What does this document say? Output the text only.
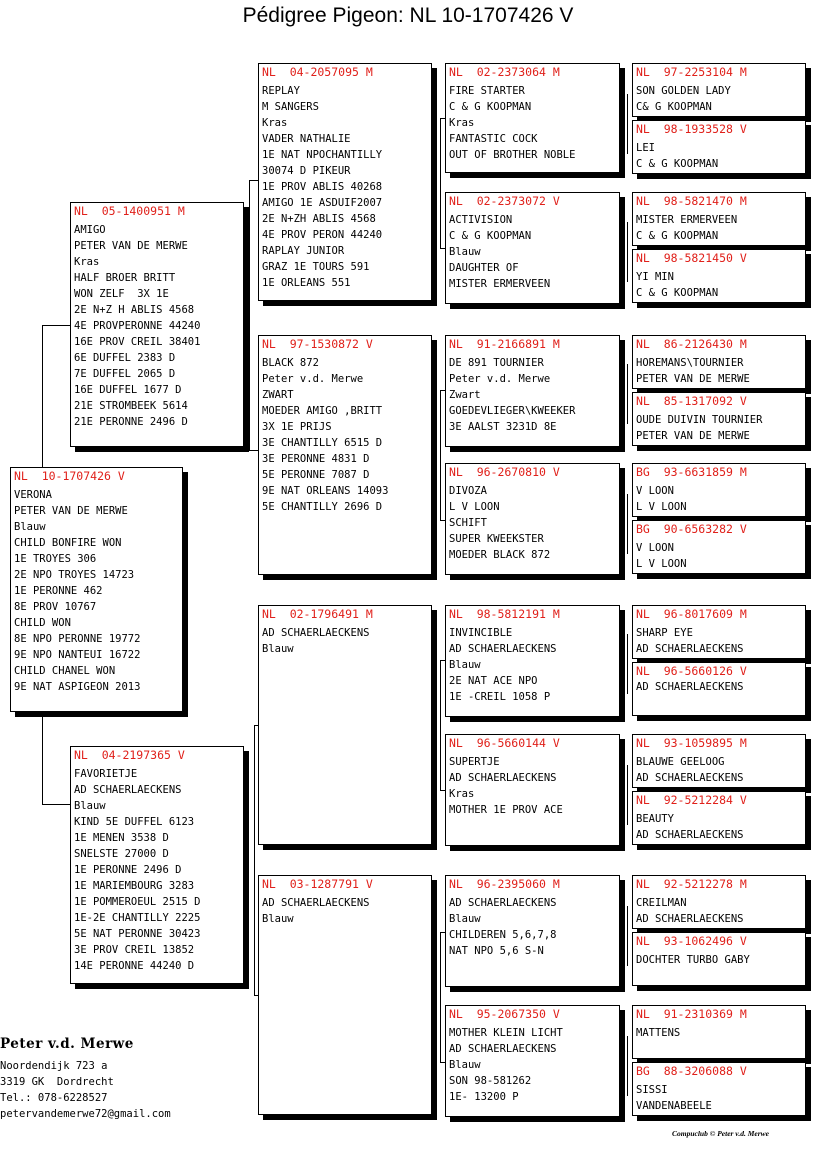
Pédigree Pigeon: NL 10-1707426 V
NL  10-1707426 V
VERONA
PETER VAN DE MERWE
Blauw
CHILD BONFIRE WON
1E TROYES 306
2E NPO TROYES 14723
1E PERONNE 462
8E PROV 10767
CHILD WON
8E NPO PERONNE 19772
9E NPO NANTEUI 16722
CHILD CHANEL WON
9E NAT ASPIGEON 2013
NL  05-1400951 M
AMIGO
PETER VAN DE MERWE
Kras
HALF BROER BRITT
WON ZELF  3X 1E
2E N+Z H ABLIS 4568
4E PROVPERONNE 44240
16E PROV CREIL 38401
6E DUFFEL 2383 D
7E DUFFEL 2065 D
16E DUFFEL 1677 D
21E STROMBEEK 5614
21E PERONNE 2496 D
NL  04-2197365 V
FAVORIETJE
AD SCHAERLAECKENS
Blauw
KIND 5E DUFFEL 6123
1E MENEN 3538 D
SNELSTE 27000 D
1E PERONNE 2496 D
1E MARIEMBOURG 3283
1E POMMEROEUL 2515 D
1E-2E CHANTILLY 2225
5E NAT PERONNE 30423
3E PROV CREIL 13852
14E PERONNE 44240 D
NL  04-2057095 M
REPLAY
M SANGERS
Kras
VADER NATHALIE
1E NAT NPOCHANTILLY
30074 D PIKEUR
1E PROV ABLIS 40268
AMIGO 1E ASDUIF2007
2E N+ZH ABLIS 4568
4E PROV PERON 44240
RAPLAY JUNIOR
GRAZ 1E TOURS 591
1E ORLEANS 551
NL  97-1530872 V
BLACK 872
Peter v.d. Merwe
ZWART
MOEDER AMIGO ,BRITT
3X 1E PRIJS
3E CHANTILLY 6515 D
3E PERONNE 4831 D
5E PERONNE 7087 D
9E NAT ORLEANS 14093
5E CHANTILLY 2696 D
NL  02-1796491 M
AD SCHAERLAECKENS
Blauw
NL  03-1287791 V
AD SCHAERLAECKENS
Blauw
NL  02-2373064 M
FIRE STARTER
C & G KOOPMAN
Kras
FANTASTIC COCK
OUT OF BROTHER NOBLE
NL  02-2373072 V
ACTIVISION
C & G KOOPMAN
Blauw
DAUGHTER OF
MISTER ERMERVEEN
NL  91-2166891 M
DE 891 TOURNIER
Peter v.d. Merwe
Zwart
GOEDEVLIEGER\KWEEKER
3E AALST 3231D 8E
NL  96-2670810 V
DIVOZA
L V LOON
SCHIFT
SUPER KWEEKSTER
MOEDER BLACK 872
NL  98-5812191 M
INVINCIBLE
AD SCHAERLAECKENS
Blauw
2E NAT ACE NPO
1E -CREIL 1058 P
NL  96-5660144 V
SUPERTJE
AD SCHAERLAECKENS
Kras
MOTHER 1E PROV ACE
NL  96-2395060 M
AD SCHAERLAECKENS
Blauw
CHILDEREN 5,6,7,8
NAT NPO 5,6 S-N
NL  95-2067350 V
MOTHER KLEIN LICHT
AD SCHAERLAECKENS
Blauw
SON 98-581262
1E- 13200 P
NL  97-2253104 M
SON GOLDEN LADY
C& G KOOPMAN
NL  98-1933528 V
LEI
C & G KOOPMAN
NL  98-5821470 M
MISTER ERMERVEEN
C & G KOOPMAN
NL  98-5821450 V
YI MIN
C & G KOOPMAN
NL  86-2126430 M
HOREMANS\TOURNIER
PETER VAN DE MERWE
NL  85-1317092 V
OUDE DUIVIN TOURNIER
PETER VAN DE MERWE
BG  93-6631859 M
V LOON
L V LOON
BG  90-6563282 V
V LOON
L V LOON
NL  96-8017609 M
SHARP EYE
AD SCHAERLAECKENS
NL  96-5660126 V
AD SCHAERLAECKENS
NL  93-1059895 M
BLAUWE GEELOOG
AD SCHAERLAECKENS
NL  92-5212284 V
BEAUTY
AD SCHAERLAECKENS
NL  92-5212278 M
CREILMAN
AD SCHAERLAECKENS
NL  93-1062496 V
DOCHTER TURBO GABY
NL  91-2310369 M
MATTENS
BG  88-3206088 V
SISSI
VANDENABEELE
Peter v.d. Merwe
Noordendijk 723 a
3319 GK  Dordrecht
Tel.: 078-6228527
petervandemerwe72@gmail.com
Compuclub © Peter v.d. Merwe
